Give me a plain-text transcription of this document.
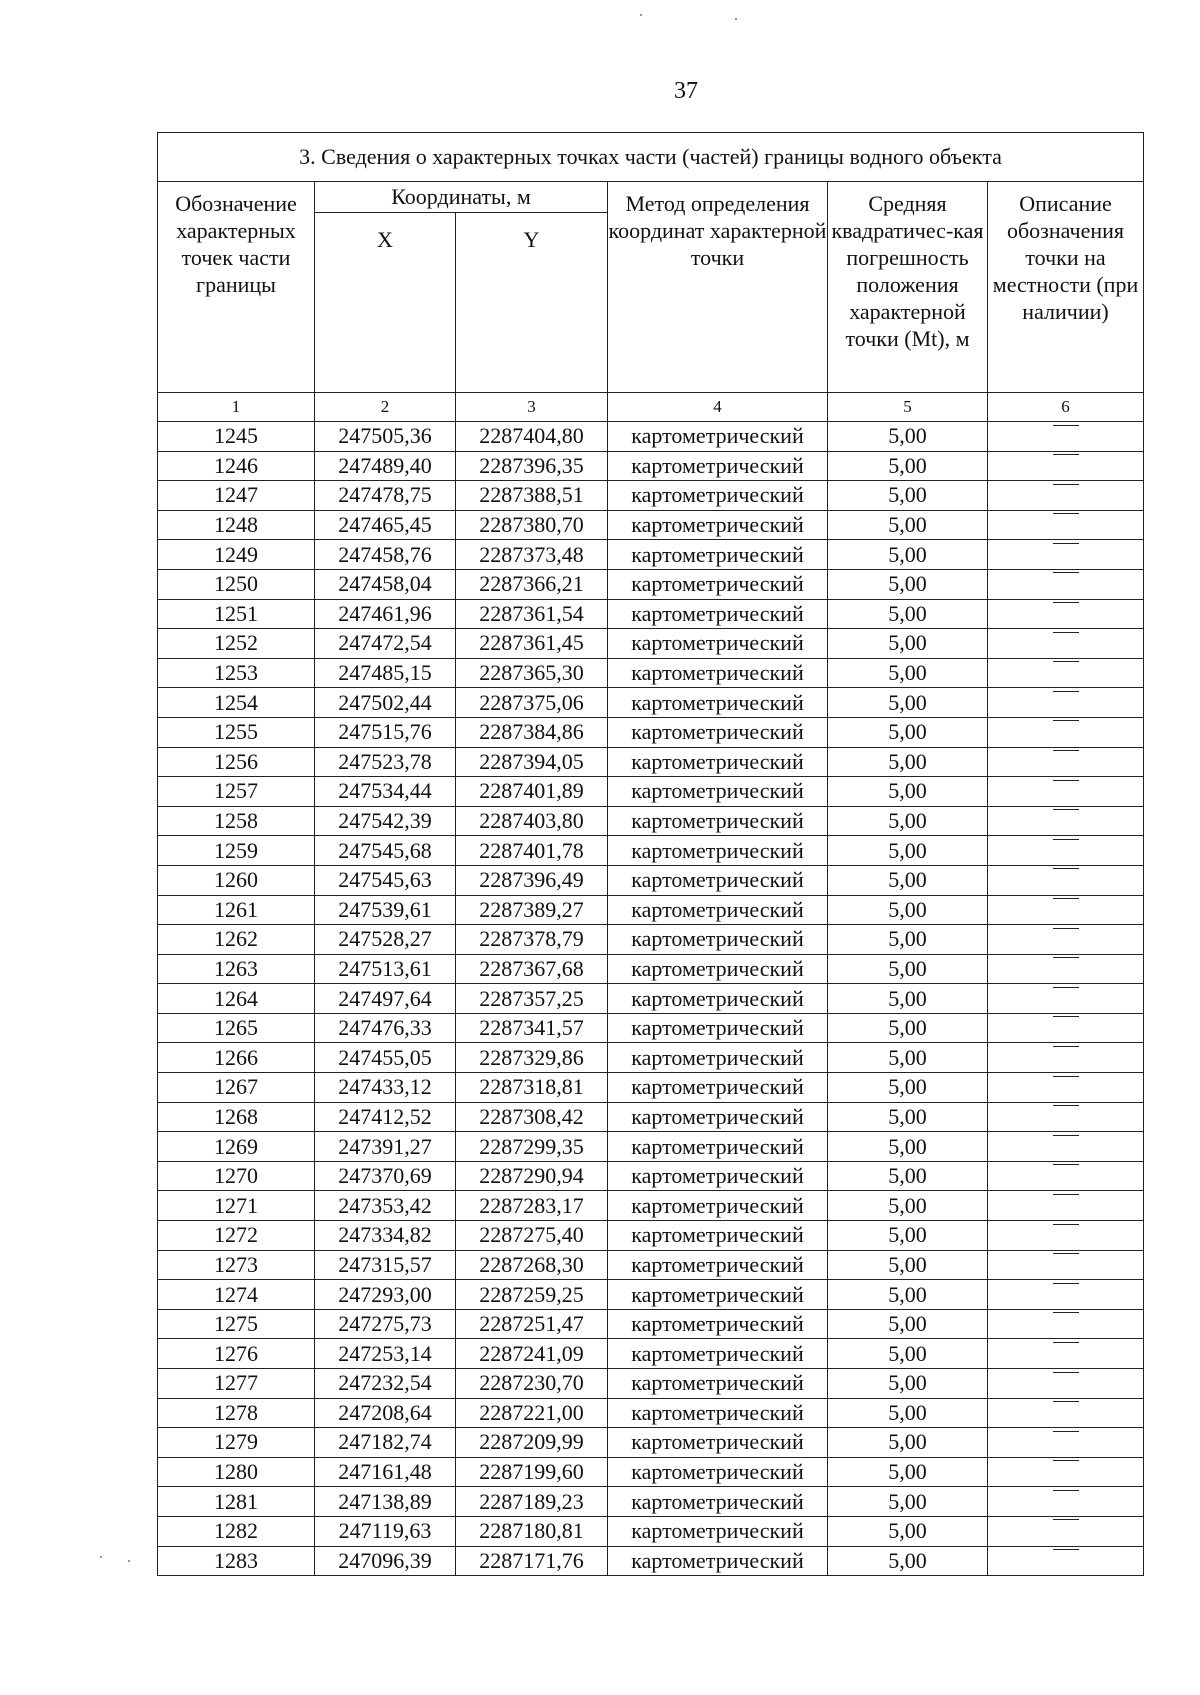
37
3. Сведения о характерных точках части (частей) границы водного объекта					
Обозначение характерных точек части границы	Координаты, м		Метод определения координат характерной точки	Средняя квадратичес-кая погрешность положения характерной точки (Mt), м	Описание обозначения точки на местности (при наличии)
	X	Y			
1	2	3	4	5	6
1245	247505,36	2287404,80	картометрический	5,00	
1246	247489,40	2287396,35	картометрический	5,00	
1247	247478,75	2287388,51	картометрический	5,00	
1248	247465,45	2287380,70	картометрический	5,00	
1249	247458,76	2287373,48	картометрический	5,00	
1250	247458,04	2287366,21	картометрический	5,00	
1251	247461,96	2287361,54	картометрический	5,00	
1252	247472,54	2287361,45	картометрический	5,00	
1253	247485,15	2287365,30	картометрический	5,00	
1254	247502,44	2287375,06	картометрический	5,00	
1255	247515,76	2287384,86	картометрический	5,00	
1256	247523,78	2287394,05	картометрический	5,00	
1257	247534,44	2287401,89	картометрический	5,00	
1258	247542,39	2287403,80	картометрический	5,00	
1259	247545,68	2287401,78	картометрический	5,00	
1260	247545,63	2287396,49	картометрический	5,00	
1261	247539,61	2287389,27	картометрический	5,00	
1262	247528,27	2287378,79	картометрический	5,00	
1263	247513,61	2287367,68	картометрический	5,00	
1264	247497,64	2287357,25	картометрический	5,00	
1265	247476,33	2287341,57	картометрический	5,00	
1266	247455,05	2287329,86	картометрический	5,00	
1267	247433,12	2287318,81	картометрический	5,00	
1268	247412,52	2287308,42	картометрический	5,00	
1269	247391,27	2287299,35	картометрический	5,00	
1270	247370,69	2287290,94	картометрический	5,00	
1271	247353,42	2287283,17	картометрический	5,00	
1272	247334,82	2287275,40	картометрический	5,00	
1273	247315,57	2287268,30	картометрический	5,00	
1274	247293,00	2287259,25	картометрический	5,00	
1275	247275,73	2287251,47	картометрический	5,00	
1276	247253,14	2287241,09	картометрический	5,00	
1277	247232,54	2287230,70	картометрический	5,00	
1278	247208,64	2287221,00	картометрический	5,00	
1279	247182,74	2287209,99	картометрический	5,00	
1280	247161,48	2287199,60	картометрический	5,00	
1281	247138,89	2287189,23	картометрический	5,00	
1282	247119,63	2287180,81	картометрический	5,00	
1283	247096,39	2287171,76	картометрический	5,00	
